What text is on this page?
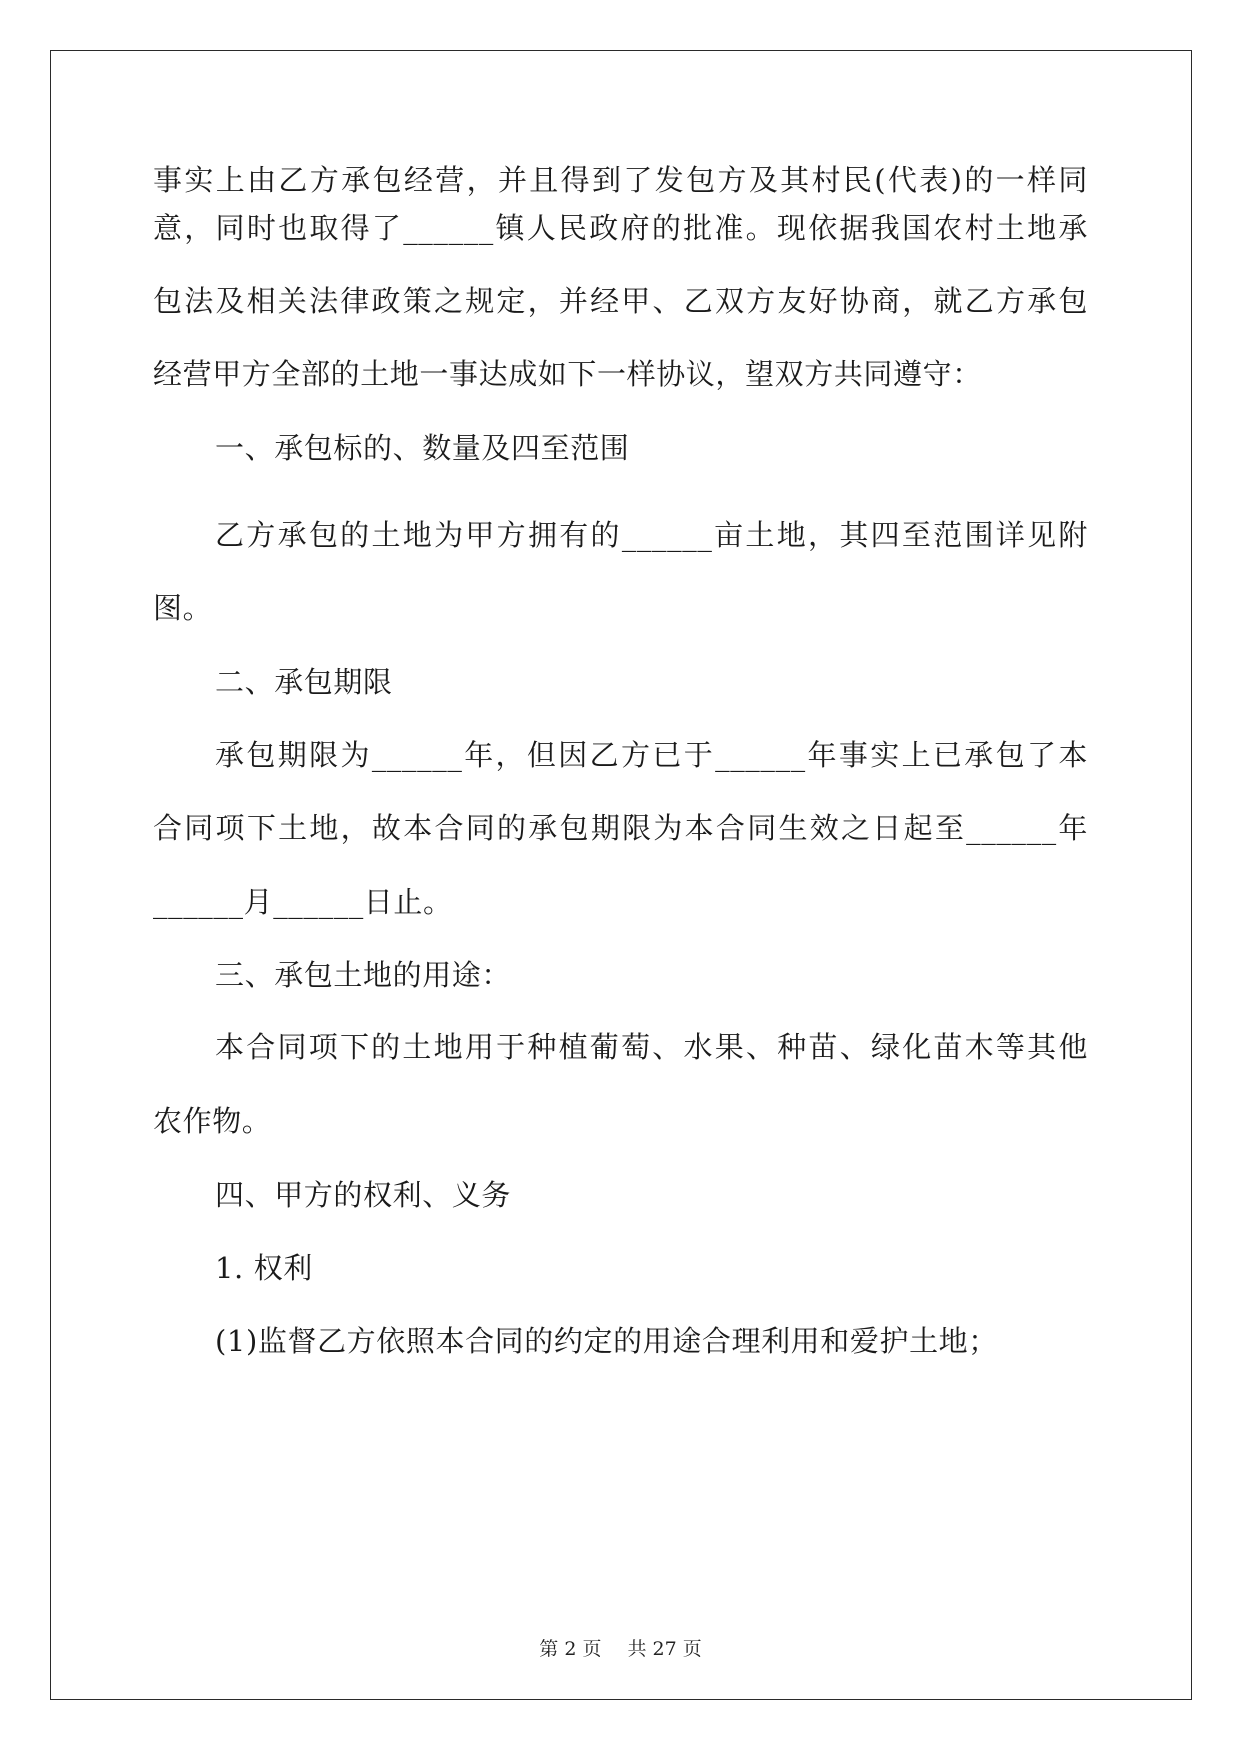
事实上由乙方承包经营，并且得到了发包方及其村民(代表)的一样同
意，同时也取得了______镇人民政府的批准。现依据我国农村土地承
包法及相关法律政策之规定，并经甲、乙双方友好协商，就乙方承包
经营甲方全部的土地一事达成如下一样协议，望双方共同遵守：
一、承包标的、数量及四至范围
乙方承包的土地为甲方拥有的______亩土地，其四至范围详见附
图。
二、承包期限
承包期限为______年，但因乙方已于______年事实上已承包了本
合同项下土地，故本合同的承包期限为本合同生效之日起至______年
______月______日止。
三、承包土地的用途：
本合同项下的土地用于种植葡萄、水果、种苗、绿化苗木等其他
农作物。
四、甲方的权利、义务
1. 权利
(1)监督乙方依照本合同的约定的用途合理利用和爱护土地；
第 2 页 共 27 页
